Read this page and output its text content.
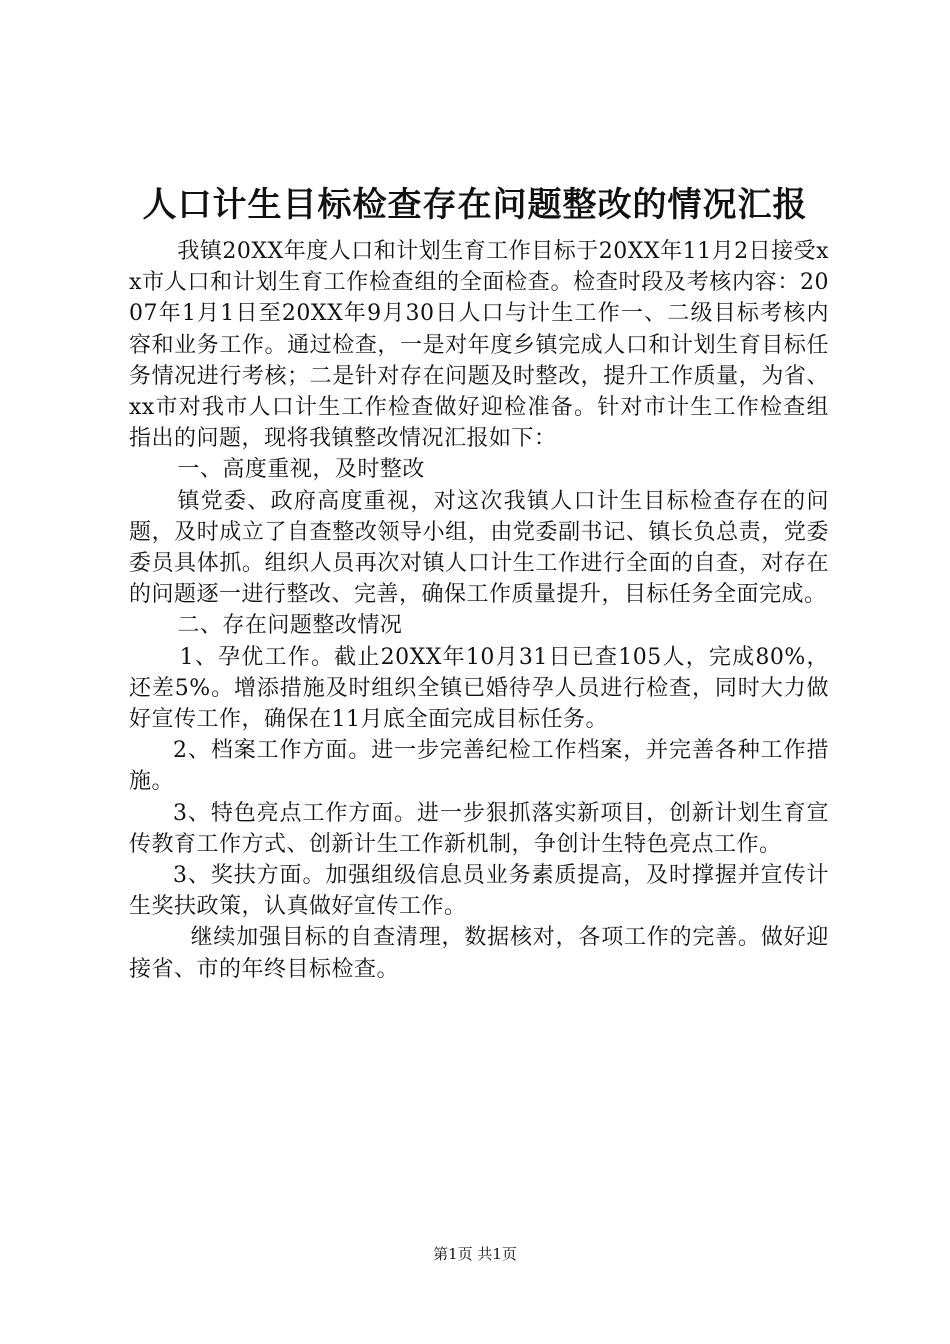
人口计生目标检查存在问题整改的情况汇报

我镇20XX年度人口和计划生育工作目标于20XX年11月2日接受xx市人口和计划生育工作检查组的全面检查。检查时段及考核内容：2007年1月1日至20XX年9月30日人口与计生工作一、二级目标考核内容和业务工作。通过检查，一是对年度乡镇完成人口和计划生育目标任务情况进行考核；二是针对存在问题及时整改，提升工作质量，为省、xx市对我市人口计生工作检查做好迎检准备。针对市计生工作检查组指出的问题，现将我镇整改情况汇报如下：

一、高度重视，及时整改

镇党委、政府高度重视，对这次我镇人口计生目标检查存在的问题，及时成立了自查整改领导小组，由党委副书记、镇长负总责，党委委员具体抓。组织人员再次对镇人口计生工作进行全面的自查，对存在的问题逐一进行整改、完善，确保工作质量提升，目标任务全面完成。

二、存在问题整改情况

1、孕优工作。截止20XX年10月31日已查105人，完成80%，还差5%。增添措施及时组织全镇已婚待孕人员进行检查，同时大力做好宣传工作，确保在11月底全面完成目标任务。

2、档案工作方面。进一步完善纪检工作档案，并完善各种工作措施。

3、特色亮点工作方面。进一步狠抓落实新项目，创新计划生育宣传教育工作方式、创新计生工作新机制，争创计生特色亮点工作。

3、奖扶方面。加强组级信息员业务素质提高，及时撑握并宣传计生奖扶政策，认真做好宣传工作。

继续加强目标的自查清理，数据核对，各项工作的完善。做好迎接省、市的年终目标检查。

第1页 共1页
